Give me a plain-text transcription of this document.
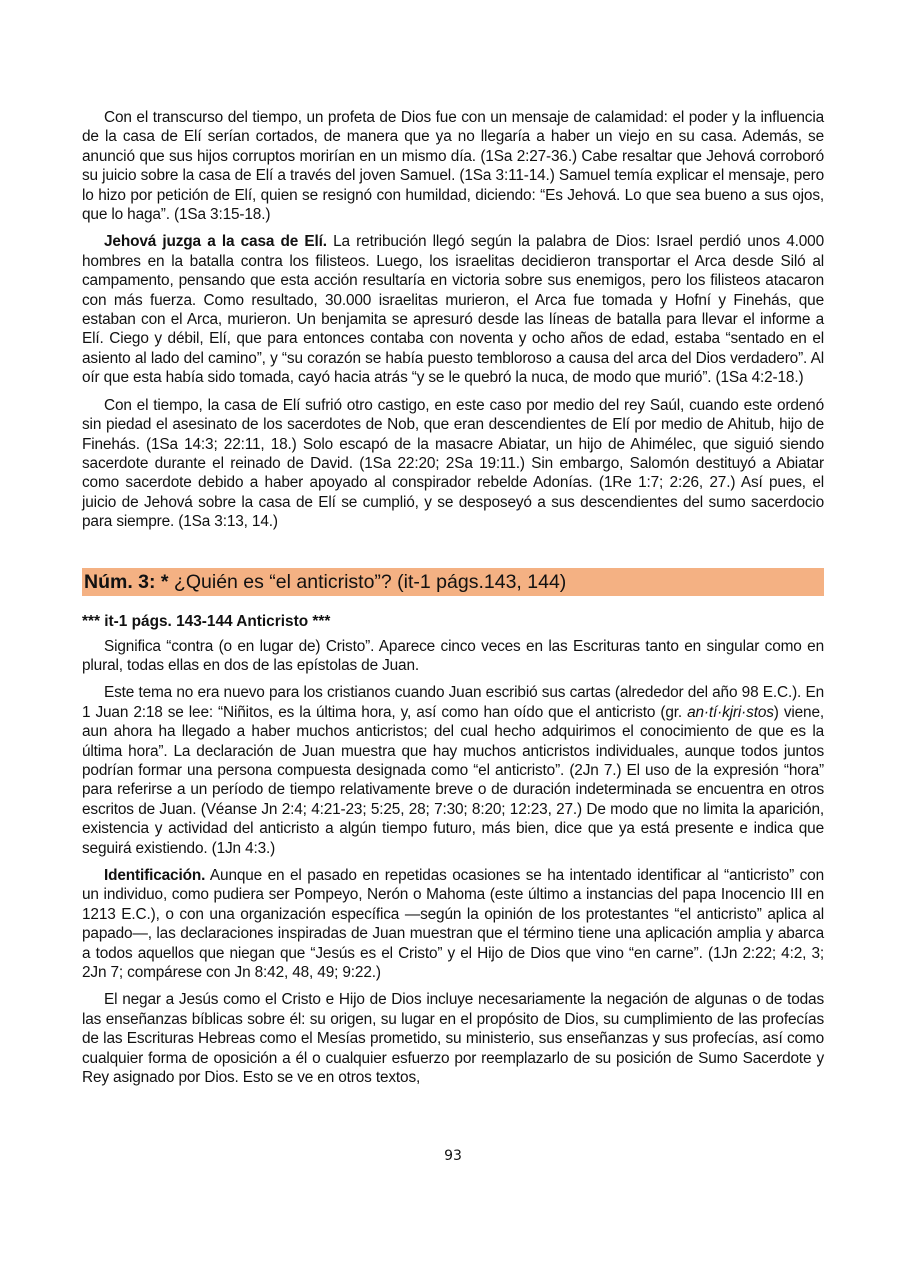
Con el transcurso del tiempo, un profeta de Dios fue con un mensaje de calamidad: el poder y la influencia de la casa de Elí serían cortados, de manera que ya no llegaría a haber un viejo en su casa. Además, se anunció que sus hijos corruptos morirían en un mismo día. (1Sa 2:27-36.) Cabe resaltar que Jehová corroboró su juicio sobre la casa de Elí a través del joven Samuel. (1Sa 3:11-14.) Samuel temía explicar el mensaje, pero lo hizo por petición de Elí, quien se resignó con humildad, diciendo: “Es Jehová. Lo que sea bueno a sus ojos, que lo haga”. (1Sa 3:15-18.)

Jehová juzga a la casa de Elí. La retribución llegó según la palabra de Dios: Israel perdió unos 4.000 hombres en la batalla contra los filisteos. Luego, los israelitas decidieron transportar el Arca desde Siló al campamento, pensando que esta acción resultaría en victoria sobre sus enemigos, pero los filisteos atacaron con más fuerza. Como resultado, 30.000 israelitas murieron, el Arca fue tomada y Hofní y Finehás, que estaban con el Arca, murieron. Un benjamita se apresuró desde las líneas de batalla para llevar el informe a Elí. Ciego y débil, Elí, que para entonces contaba con noventa y ocho años de edad, estaba “sentado en el asiento al lado del camino”, y “su corazón se había puesto tembloroso a causa del arca del Dios verdadero”. Al oír que esta había sido tomada, cayó hacia atrás “y se le quebró la nuca, de modo que murió”. (1Sa 4:2-18.)

Con el tiempo, la casa de Elí sufrió otro castigo, en este caso por medio del rey Saúl, cuando este ordenó sin piedad el asesinato de los sacerdotes de Nob, que eran descendientes de Elí por medio de Ahitub, hijo de Finehás. (1Sa 14:3; 22:11, 18.) Solo escapó de la masacre Abiatar, un hijo de Ahimélec, que siguió siendo sacerdote durante el reinado de David. (1Sa 22:20; 2Sa 19:11.) Sin embargo, Salomón destituyó a Abiatar como sacerdote debido a haber apoyado al conspirador rebelde Adonías. (1Re 1:7; 2:26, 27.) Así pues, el juicio de Jehová sobre la casa de Elí se cumplió, y se desposeyó a sus descendientes del sumo sacerdocio para siempre. (1Sa 3:13, 14.)

Núm. 3: * ¿Quién es “el anticristo”? (it-1 págs.143, 144)
*** it-1 págs. 143-144 Anticristo ***

Significa “contra (o en lugar de) Cristo”. Aparece cinco veces en las Escrituras tanto en singular como en plural, todas ellas en dos de las epístolas de Juan.

Este tema no era nuevo para los cristianos cuando Juan escribió sus cartas (alrededor del año 98 E.C.). En 1 Juan 2:18 se lee: “Niñitos, es la última hora, y, así como han oído que el anticristo (gr. an·tí·kjri·stos) viene, aun ahora ha llegado a haber muchos anticristos; del cual hecho adquirimos el conocimiento de que es la última hora”. La declaración de Juan muestra que hay muchos anticristos individuales, aunque todos juntos podrían formar una persona compuesta designada como “el anticristo”. (2Jn 7.) El uso de la expresión “hora” para referirse a un período de tiempo relativamente breve o de duración indeterminada se encuentra en otros escritos de Juan. (Véanse Jn 2:4; 4:21-23; 5:25, 28; 7:30; 8:20; 12:23, 27.) De modo que no limita la aparición, existencia y actividad del anticristo a algún tiempo futuro, más bien, dice que ya está presente e indica que seguirá existiendo. (1Jn 4:3.)

Identificación. Aunque en el pasado en repetidas ocasiones se ha intentado identificar al “anticristo” con un individuo, como pudiera ser Pompeyo, Nerón o Mahoma (este último a instancias del papa Inocencio III en 1213 E.C.), o con una organización específica —según la opinión de los protestantes “el anticristo” aplica al papado—, las declaraciones inspiradas de Juan muestran que el término tiene una aplicación amplia y abarca a todos aquellos que niegan que “Jesús es el Cristo” y el Hijo de Dios que vino “en carne”. (1Jn 2:22; 4:2, 3; 2Jn 7; compárese con Jn 8:42, 48, 49; 9:22.)

El negar a Jesús como el Cristo e Hijo de Dios incluye necesariamente la negación de algunas o de todas las enseñanzas bíblicas sobre él: su origen, su lugar en el propósito de Dios, su cumplimiento de las profecías de las Escrituras Hebreas como el Mesías prometido, su ministerio, sus enseñanzas y sus profecías, así como cualquier forma de oposición a él o cualquier esfuerzo por reemplazarlo de su posición de Sumo Sacerdote y Rey asignado por Dios. Esto se ve en otros textos,

93
